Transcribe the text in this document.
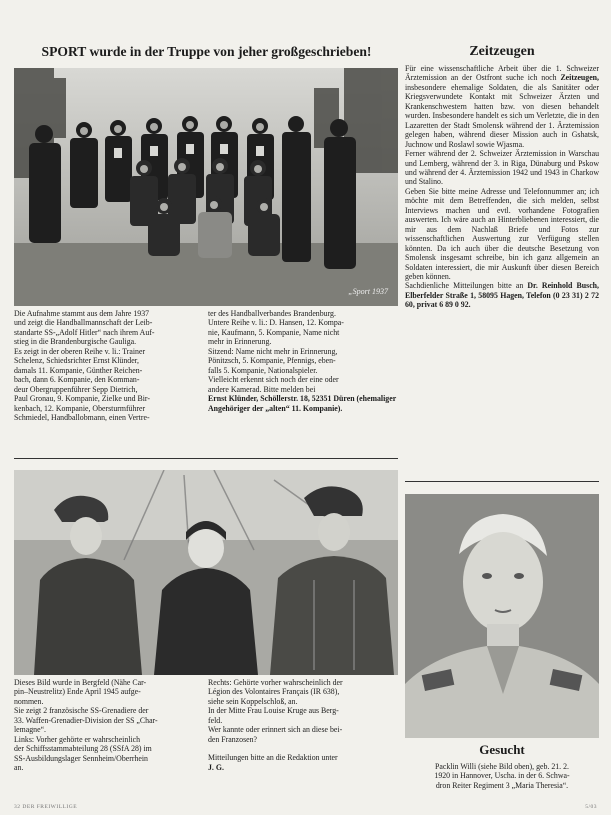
SPORT wurde in der Truppe von jeher großgeschrieben!	Zeitzeugen
„Sport 1937

Die Aufnahme stammt aus dem Jahre 1937

und zeigt die Handballmannschaft der Leib-

standarte SS-„Adolf Hitler“ nach ihrem Auf-

stieg in die Brandenburgische Gauliga.

Es zeigt in der oberen Reihe v. li.: Trainer

Schelenz, Schiedsrichter Ernst Klünder,

damals 11. Kompanie, Günther Reichen-

bach, dann 6. Kompanie, den Komman-

deur Obergruppenführer Sepp Dietrich,

Paul Gronau, 9. Kompanie, Zielke und Bir-

kenbach, 12. Kompanie, Obersturmführer

Schmiedel, Handballobmann, einen Vertre-

ter des Handballverbandes Brandenburg.

Untere Reihe v. li.: D. Hansen, 12. Kompa-

nie, Kaufmann, 5. Kompanie, Name nicht

mehr in Erinnerung.

Sitzend: Name nicht mehr in Erinnerung,

Pönitzsch, 5. Kompanie, Pfennigs, eben-

falls 5. Kompanie, Nationalspieler.

Vielleicht erkennt sich noch der eine oder

andere Kamerad. Bitte melden bei

Ernst Klünder, Schöllerstr. 18, 52351 Düren (ehemaliger Angehöriger der „alten“ 11. Kompanie).

Für eine wissenschaftliche Arbeit über die 1. Schweizer Ärztemission an der Ostfront suche ich noch Zeitzeugen, insbesondere ehemalige Soldaten, die als Sanitäter oder Kriegsverwundete Kontakt mit Schweizer Ärzten und Krankenschwestern hatten bzw. von diesen behandelt wurden. Insbesondere handelt es sich um Verletzte, die in den Lazaretten der Stadt Smolensk während der 1. Ärztemission gelegen haben, während dieser Mission auch in Gshatsk, Juchnow und Roslawl sowie Wjasma.

Ferner während der 2. Schweizer Ärztemission in Warschau und Lemberg, während der 3. in Riga, Dünaburg und Pskow und während der 4. Ärztemission 1942 und 1943 in Charkow und Stalino.

Geben Sie bitte meine Adresse und Telefonnummer an; ich möchte mit dem Betreffenden, die sich melden, selbst Interviews machen und evtl. vorhandene Fotografien auswerten. Ich wäre auch an Hinterbliebenen interessiert, die mir aus dem Nachlaß Briefe und Fotos zur wissenschaftlichen Auswertung zur Verfügung stellen könnten. Da ich auch über die deutsche Besetzung von Smolensk insgesamt schreibe, bin ich ganz allgemein an Soldaten interessiert, die mir Auskunft über diesen Bereich geben können.

Sachdienliche Mitteilungen bitte an Dr. Reinhold Busch, Elberfelder Straße 1, 58095 Hagen, Telefon (0 23 31) 2 72 60, privat 6 89 0 92.

Dieses Bild wurde in Bergfeld (Nähe Car-

pin–Neustrelitz) Ende April 1945 aufge-

nommen.

Sie zeigt 2 französische SS-Grenadiere der

33. Waffen-Grenadier-Division der SS „Char-

lemagne“.

Links: Vorher gehörte er wahrscheinlich

der Schiffsstammabteilung 28 (SSfA 28) im

SS-Ausbildungslager Sennheim/Oberrhein

an.

Rechts: Gehörte vorher wahrscheinlich der

Légion des Volontaires Français (IR 638),

siehe sein Koppelschloß, an.

In der Mitte Frau Louise Kruge aus Berg-

feld.

Wer kannte oder erinnert sich an diese bei-

den Franzosen?

Mitteilungen bitte an die Redaktion unter

J. G.

Gesucht

Packlin Willi (siehe Bild oben), geb. 21. 2.

1920 in Hannover, Uscha. in der 6. Schwa-

dron Reiter Regiment 3 „Maria Theresia“.

32 DER FREIWILLIGE	5/03
